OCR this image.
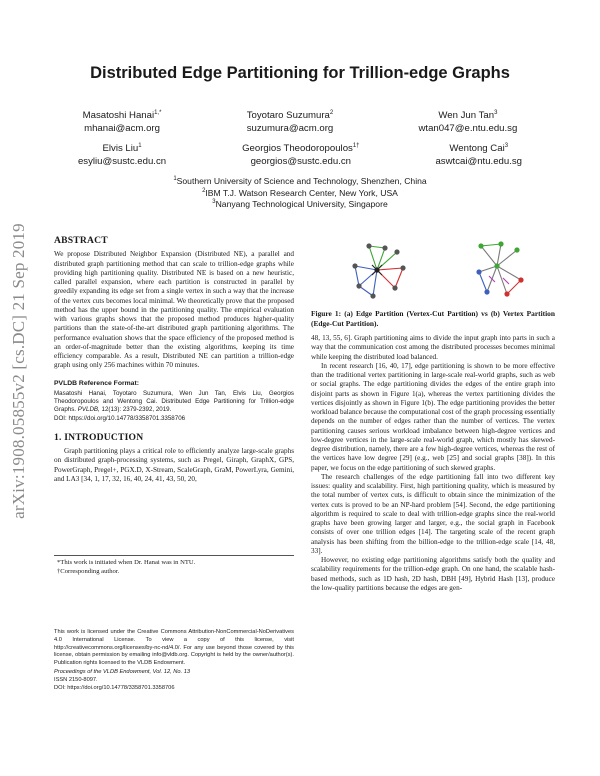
arXiv:1908.05855v2 [cs.DC] 21 Sep 2019
Distributed Edge Partitioning for Trillion-edge Graphs
Masatoshi Hanai$^{1,*}$
mhanai@acm.org
Toyotaro Suzumura$^2$
suzumura@acm.org
Wen Jun Tan$^3$
wtan047@e.ntu.edu.sg
Elvis Liu$^1$
esyliu@sustc.edu.cn
Georgios Theodoropoulos$^{1\dagger}$
georgios@sustc.edu.cn
Wentong Cai$^3$
aswtcai@ntu.edu.sg
$^1$Southern University of Science and Technology, Shenzhen, China
$^2$IBM T.J. Watson Research Center, New York, USA
$^3$Nanyang Technological University, Singapore
ABSTRACT

We propose Distributed Neighbor Expansion (Distributed NE), a parallel and distributed graph partitioning method that can scale to trillion-edge graphs while providing high partitioning quality. Distributed NE is based on a new heuristic, called parallel expansion, where each partition is constructed in parallel by greedily expanding its edge set from a single vertex in such a way that the increase of the vertex cuts becomes local minimal. We theoretically prove that the proposed method has the upper bound in the partitioning quality. The empirical evaluation with various graphs shows that the proposed method produces higher-quality partitions than the state-of-the-art distributed graph partitioning algorithms. The performance evaluation shows that the space efficiency of the proposed method is an order-of-magnitude better than the existing algorithms, keeping its time efficiency comparable. As a result, Distributed NE can partition a trillion-edge graph using only 256 machines within 70 minutes.

PVLDB Reference Format:
Masatoshi Hanai, Toyotaro Suzumura, Wen Jun Tan, Elvis Liu, Georgios Theodoropoulos and Wentong Cai. Distributed Edge Partitioning for Trillion-edge Graphs. PVLDB, 12(13): 2379-2392, 2019.
DOI: https://doi.org/10.14778/3358701.3358706
1. INTRODUCTION

Graph partitioning plays a critical role to efficiently analyze large-scale graphs on distributed graph-processing systems, such as Pregel, Giraph, GraphX, GPS, PowerGraph, Pregel+, PGX.D, X-Stream, ScaleGraph, GraM, PowerLyra, Gemini, and LA3 [34, 1, 17, 32, 16, 40, 24, 41, 43, 50, 20,

*This work is initiated when Dr. Hanai was in NTU.
†Corresponding author.
This work is licensed under the Creative Commons Attribution-NonCommercial-NoDerivatives 4.0 International License. To view a copy of this license, visit http://creativecommons.org/licenses/by-nc-nd/4.0/. For any use beyond those covered by this license, obtain permission by emailing info@vldb.org. Copyright is held by the owner/author(s). Publication rights licensed to the VLDB Endowment.
Proceedings of the VLDB Endowment, Vol. 12, No. 13
ISSN 2150-8097.
DOI: https://doi.org/10.14778/3358701.3358706
Figure 1: (a) Edge Partition (Vertex-Cut Partition) vs (b) Vertex Partition (Edge-Cut Partition).

48, 13, 55, 6]. Graph partitioning aims to divide the input graph into parts in such a way that the communication cost among the distributed processes becomes minimal while keeping the distributed load balanced.

In recent research [16, 40, 17], edge partitioning is shown to be more effective than the traditional vertex partitioning in large-scale real-world graphs, such as web or social graphs. The edge partitioning divides the edges of the entire graph into disjoint parts as shown in Figure 1(a), whereas the vertex partitioning divides the vertices disjointly as shown in Figure 1(b). The edge partitioning provides the better workload balance because the computational cost of the graph processing essentially depends on the number of edges rather than the number of vertices. The vertex partitioning causes serious workload imbalance between high-degree vertices and low-degree vertices in the large-scale real-world graph, which mostly has skewed-degree distribution, namely, there are a few high-degree vertices, whereas the rest of the vertices have low degree [29] (e.g., web [25] and social graphs [38]). In this paper, we focus on the edge partitioning of such skewed graphs.

The research challenges of the edge partitioning fall into two different key issues: quality and scalability. First, high partitioning quality, which is measured by the total number of vertex cuts, is difficult to obtain since the minimization of the vertex cuts is proved to be an NP-hard problem [54]. Second, the edge partitioning algorithm is required to scale to deal with trillion-edge graphs since the real-world graphs have been growing larger and larger, e.g., the social graph in Facebook consists of over one trillion edges [14]. The targeting scale of the recent graph analysis has been shifting from the billion-edge to the trillion-edge scale [14, 48, 33].

However, no existing edge partitioning algorithms satisfy both the quality and scalability requirements for the trillion-edge graph. On one hand, the scalable hash-based methods, such as 1D hash, 2D hash, DBH [49], Hybrid Hash [13], produce the low-quality partitions because the edges are gen-
